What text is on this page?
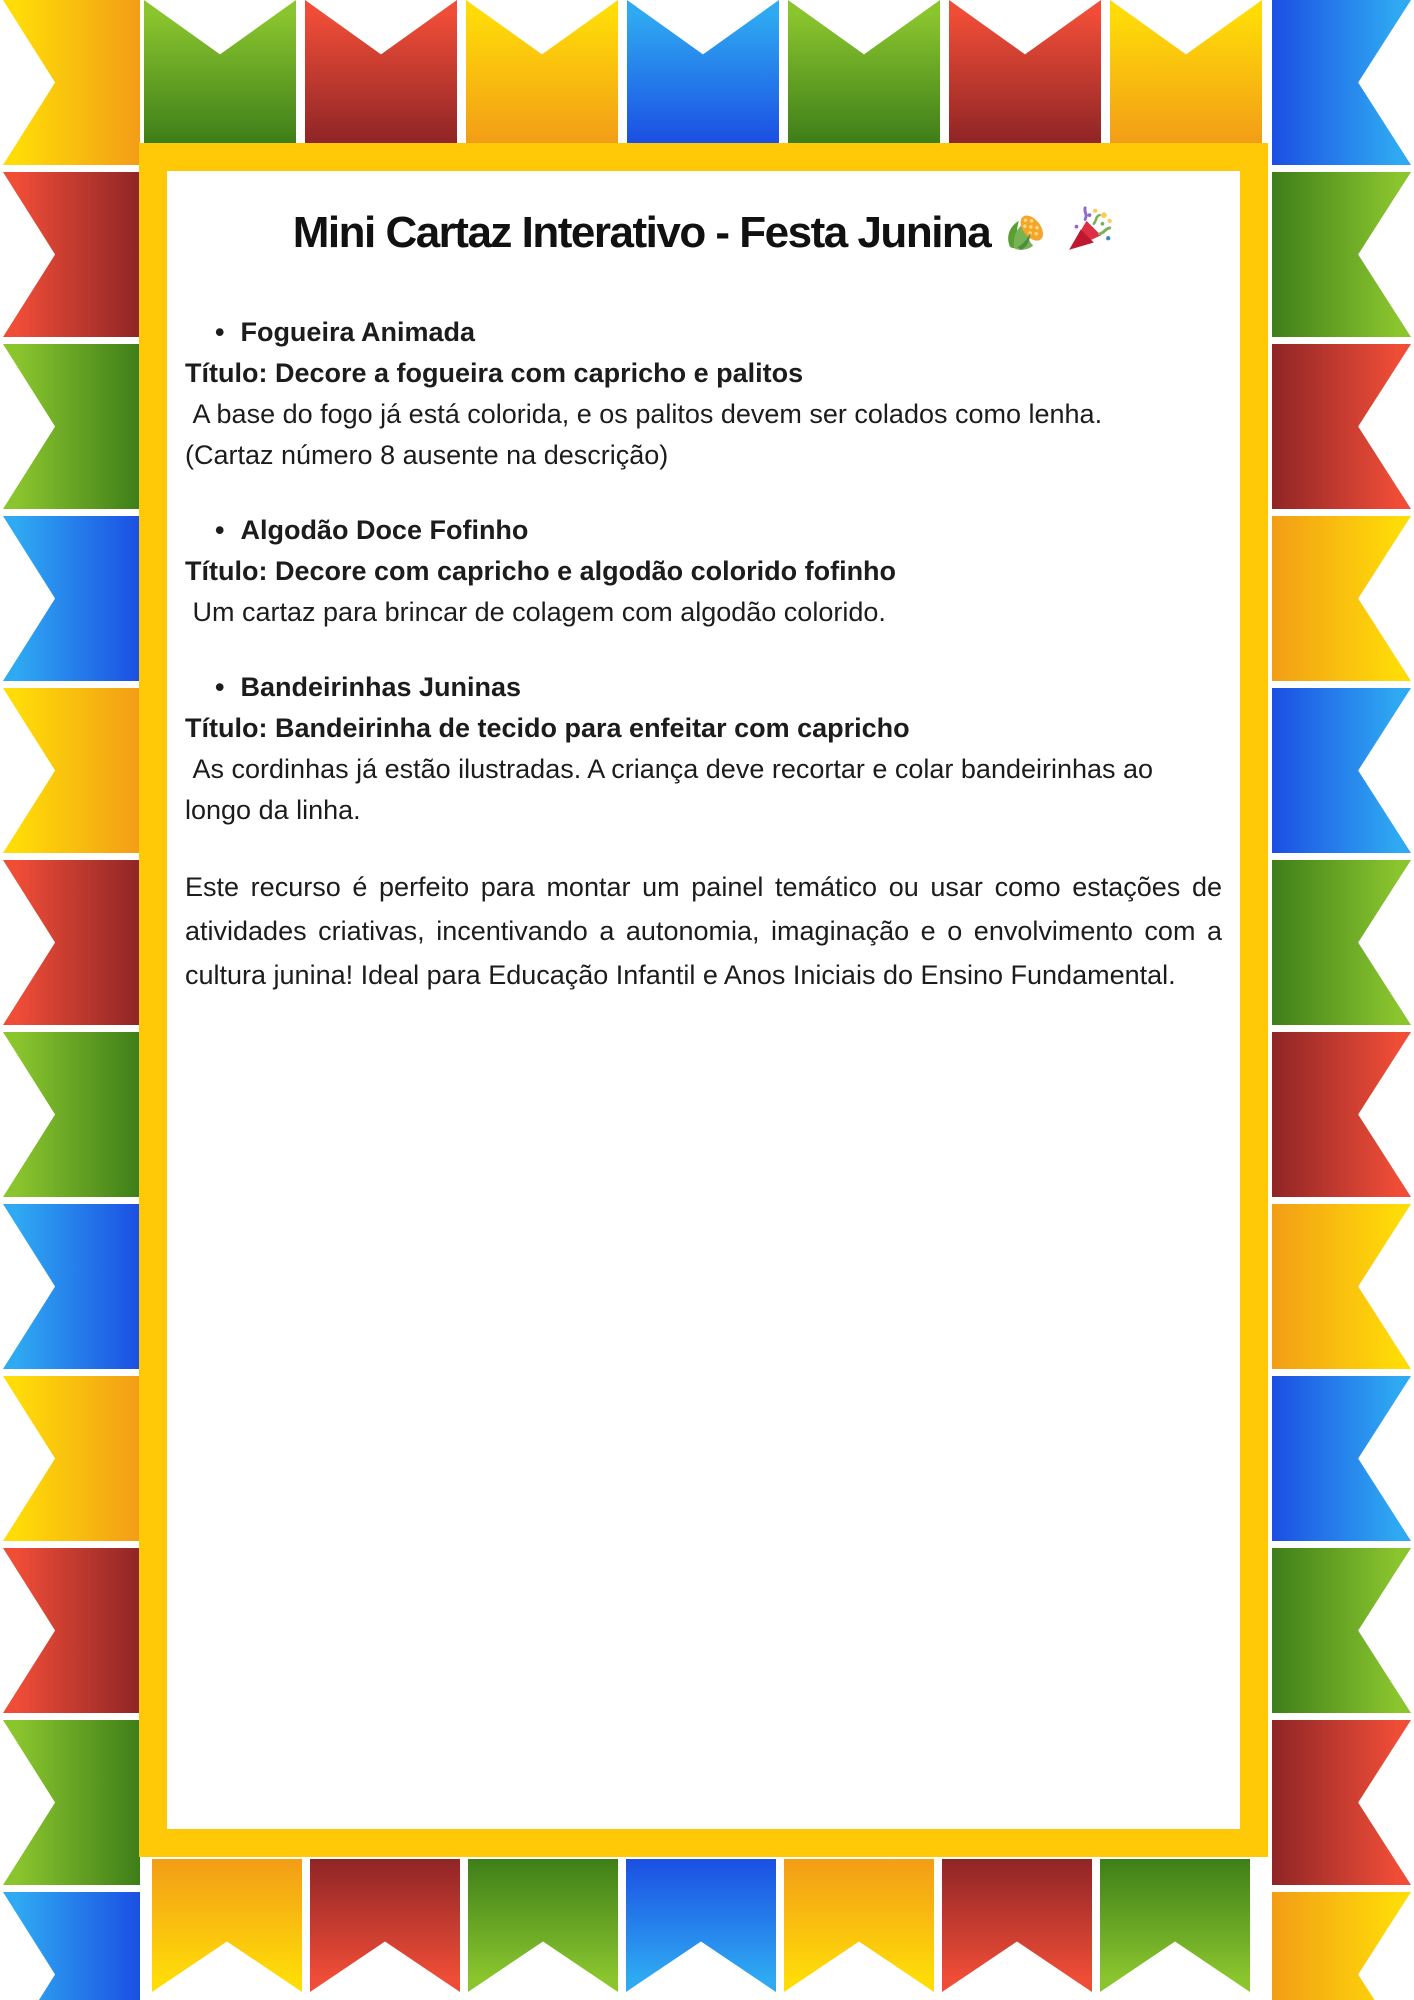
Mini Cartaz Interativo - Festa Junina
• Fogueira Animada
Título: Decore a fogueira com capricho e palitos
A base do fogo já está colorida, e os palitos devem ser colados como lenha.
(Cartaz número 8 ausente na descrição)
• Algodão Doce Fofinho
Título: Decore com capricho e algodão colorido fofinho
Um cartaz para brincar de colagem com algodão colorido.
• Bandeirinhas Juninas
Título: Bandeirinha de tecido para enfeitar com capricho
As cordinhas já estão ilustradas. A criança deve recortar e colar bandeirinhas ao longo da linha.

Este recurso é perfeito para montar um painel temático ou usar como estações de atividades criativas, incentivando a autonomia, imaginação e o envolvimento com a cultura junina! Ideal para Educação Infantil e Anos Iniciais do Ensino Fundamental.
